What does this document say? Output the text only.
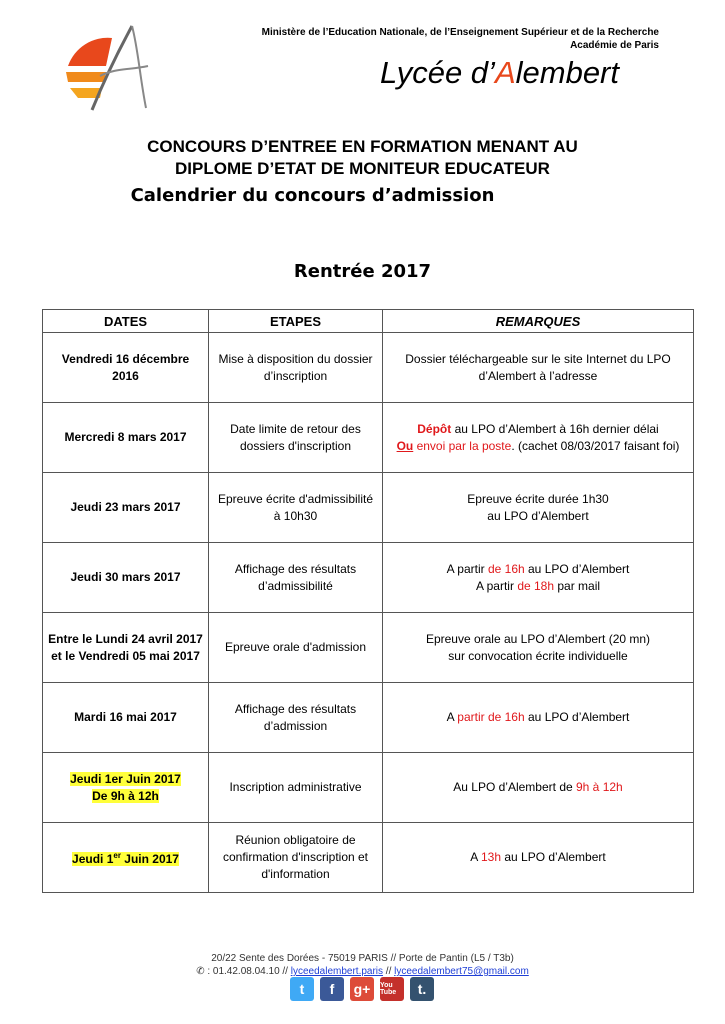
Ministère de l’Education Nationale, de l’Enseignement Supérieur et de la Recherche
Académie de Paris
Lycée d’Alembert
CONCOURS D’ENTREE EN FORMATION MENANT AU
DIPLOME D’ETAT DE MONITEUR EDUCATEUR
Calendrier du concours d’admission
Rentrée 2017
DATES	ETAPES	REMARQUES
Vendredi 16 décembre 2016	Mise à disposition du dossier d’inscription	Dossier téléchargeable sur le site Internet du LPO d’Alembert à l’adresse
Mercredi 8 mars 2017	Date limite de retour des dossiers d'inscription	Dépôt au LPO d’Alembert à 16h dernier délai
Ou envoi par la poste. (cachet 08/03/2017 faisant foi)

Jeudi 23 mars 2017	Epreuve écrite d'admissibilité à 10h30	Epreuve écrite durée 1h30
au LPO d’Alembert

Jeudi 30 mars 2017	Affichage des résultats d’admissibilité	A partir de 16h au LPO d’Alembert
A partir de 18h par mail

Entre le Lundi 24 avril 2017 et le Vendredi 05 mai 2017	Epreuve orale d'admission	Epreuve orale au LPO d’Alembert (20 mn)
sur convocation écrite individuelle

Mardi 16 mai 2017	Affichage des résultats d’admission	A partir de 16h au LPO d’Alembert

Jeudi 1er Juin 2017
De 9h à 12h	Inscription administrative	Au LPO d’Alembert de 9h à 12h
Jeudi 1er Juin 2017	Réunion obligatoire de confirmation d'inscription et d'information	A 13h au LPO d’Alembert
20/22 Sente des Dorées - 75019 PARIS // Porte de Pantin (L5 / T3b)
✆ : 01.42.08.04.10 // lyceedalembert.paris // lyceedalembert75@gmail.com
t	f	g+	You Tube	t.
